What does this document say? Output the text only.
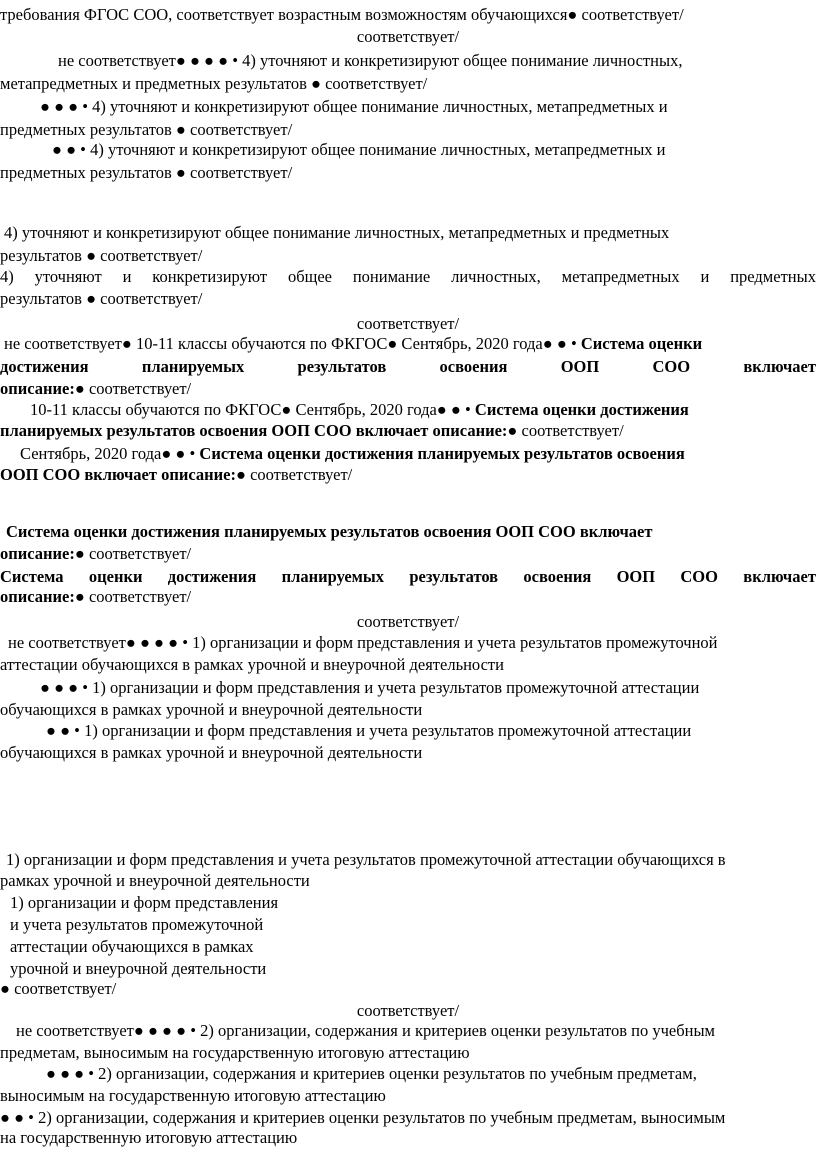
требования ФГОС СОО, соответствует возрастным возможностям обучающихся● соответствует/
соответствует/
не соответствует● ● ● ● • 4) уточняют и конкретизируют общее понимание личностных,
метапредметных и предметных результатов ● соответствует/
● ● ● • 4) уточняют и конкретизируют общее понимание личностных, метапредметных и
предметных результатов ● соответствует/
● ● • 4) уточняют и конкретизируют общее понимание личностных, метапредметных и
предметных результатов ● соответствует/
4) уточняют и конкретизируют общее понимание личностных, метапредметных и предметных
результатов ● соответствует/
4) уточняют и конкретизируют общее понимание личностных, метапредметных и предметных
результатов ● соответствует/
соответствует/
не соответствует● 10-11 классы обучаются по ФКГОС● Сентябрь, 2020 года● ● • Система оценки
достижения	планируемых	результатов	освоения	ООП	СОО	включает
описание:● соответствует/
10-11 классы обучаются по ФКГОС● Сентябрь, 2020 года● ● • Система оценки достижения
планируемых результатов освоения ООП СОО включает описание:● соответствует/
Сентябрь, 2020 года● ● • Система оценки достижения планируемых результатов освоения
ООП СОО включает описание:● соответствует/
Система оценки достижения планируемых результатов освоения ООП СОО включает
описание:● соответствует/
Система оценки достижения планируемых результатов освоения ООП СОО включает
описание:● соответствует/
соответствует/
не соответствует● ● ● ● • 1) организации и форм представления и учета результатов промежуточной
аттестации обучающихся в рамках урочной и внеурочной деятельности
● ● ● • 1) организации и форм представления и учета результатов промежуточной аттестации
обучающихся в рамках урочной и внеурочной деятельности
● ● • 1) организации и форм представления и учета результатов промежуточной аттестации
обучающихся в рамках урочной и внеурочной деятельности
1) организации и форм представления и учета результатов промежуточной аттестации обучающихся в
рамках урочной и внеурочной деятельности
1) организации и форм представления
и учета результатов промежуточной
аттестации обучающихся в рамках
урочной и внеурочной деятельности
● соответствует/
соответствует/
не соответствует● ● ● ● • 2) организации, содержания и критериев оценки результатов по учебным
предметам, выносимым на государственную итоговую аттестацию
● ● ● • 2) организации, содержания и критериев оценки результатов по учебным предметам,
выносимым на государственную итоговую аттестацию
● ● • 2) организации, содержания и критериев оценки результатов по учебным предметам, выносимым
на государственную итоговую аттестацию
